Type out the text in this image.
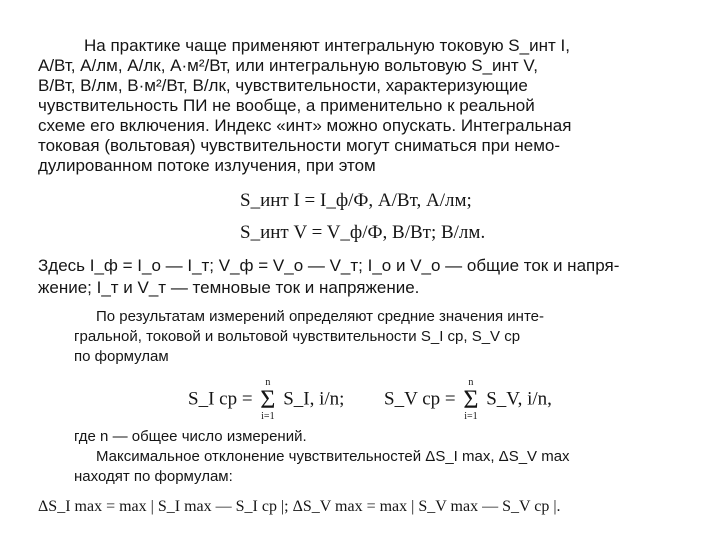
На практике чаще применяют интегральную токовую S_инт I,
А/Вт, А/лм, А/лк, А·м²/Вт, или интегральную вольтовую S_инт V,
В/Вт, В/лм, В·м²/Вт, В/лк, чувствительности, характеризующие
чувствительность ПИ не вообще, а применительно к реальной
схеме его включения. Индекс «инт» можно опускать. Интегральная
токовая (вольтовая) чувствительности могут сниматься при немо-
дулированном потоке излучения, при этом
S_инт I = I_ф/Ф, А/Вт, А/лм;
S_инт V = V_ф/Ф, В/Вт; В/лм.
Здесь I_ф = I_о — I_т; V_ф = V_о — V_т; I_о и V_о — общие ток и напря-
жение; I_т и V_т — темновые ток и напряжение.
По результатам измерений определяют средние значения инте-
гральной, токовой и вольтовой чувствительности S_I ср, S_V ср
по формулам
S_I ср = n
Σ
i=1 S_I, i/n; S_V ср = n
Σ
i=1 S_V, i/n,
где n — общее число измерений.
Максимальное отклонение чувствительностей ΔS_I max, ΔS_V max
находят по формулам:
ΔS_I max = max | S_I max — S_I ср |; ΔS_V max = max | S_V max — S_V ср |.
